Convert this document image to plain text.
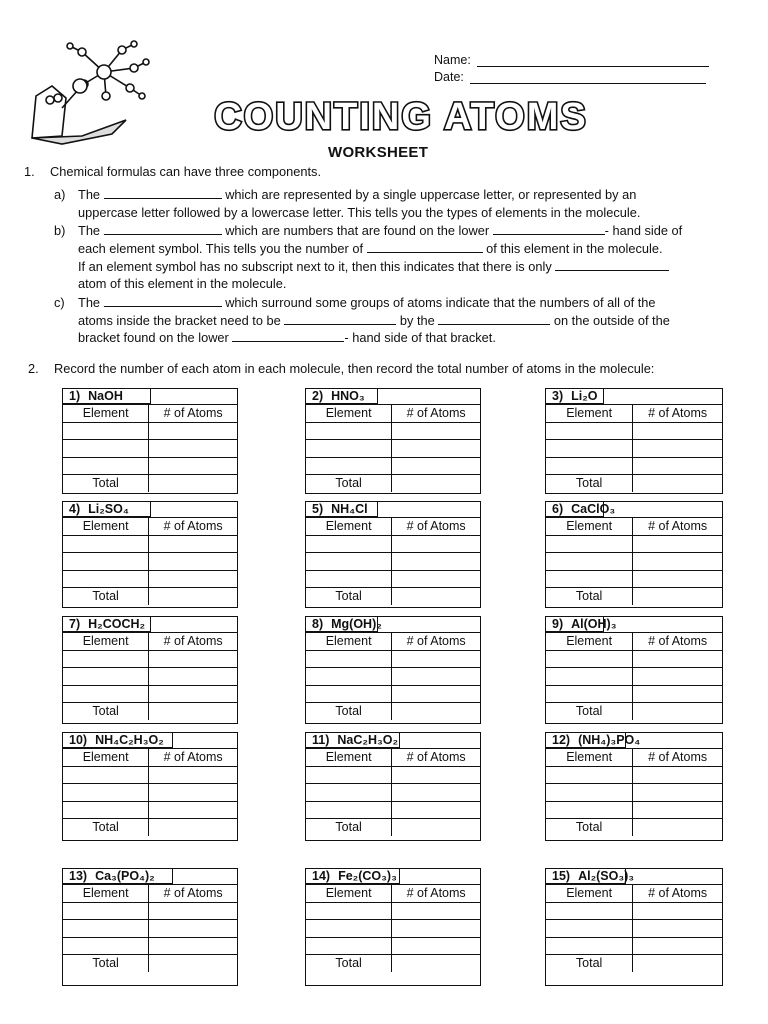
Name:
Date:
COUNTING ATOMS
WORKSHEET
1. Chemical formulas can have three components.
a) The	which are represented by a single uppercase letter, or represented by an
uppercase letter followed by a lowercase letter. This tells you the types of elements in the molecule.
b) The	which are numbers that are found on the lower	- hand side of
each element symbol. This tells you the number of	of this element in the molecule.
If an element symbol has no subscript next to it, then this indicates that there is only
atom of this element in the molecule.
c) The	which surround some groups of atoms indicate that the numbers of all of the
atoms inside the bracket need to be	by the	on the outside of the
bracket found on the lower	- hand side of that bracket.
2. Record the number of each atom in each molecule, then record the total number of atoms in the molecule:
1) NaOH
Element	# of Atoms

Total	
2) HNO₃
Element	# of Atoms

Total	
3) Li₂O
Element	# of Atoms

Total	
4) Li₂SO₄
Element	# of Atoms

Total	
5) NH₄Cl
Element	# of Atoms

Total	
6) CaClO₃
Element	# of Atoms

Total	
7) H₂COCH₂
Element	# of Atoms

Total	
8) Mg(OH)₂
Element	# of Atoms

Total	
9) Al(OH)₃
Element	# of Atoms

Total	
10) NH₄C₂H₃O₂
Element	# of Atoms

Total	
11) NaC₂H₃O₂
Element	# of Atoms

Total	
12) (NH₄)₃PO₄
Element	# of Atoms

Total	
13) Ca₃(PO₄)₂
Element	# of Atoms

Total	
14) Fe₂(CO₃)₃
Element	# of Atoms

Total	
15) Al₂(SO₃)₃
Element	# of Atoms

Total	
